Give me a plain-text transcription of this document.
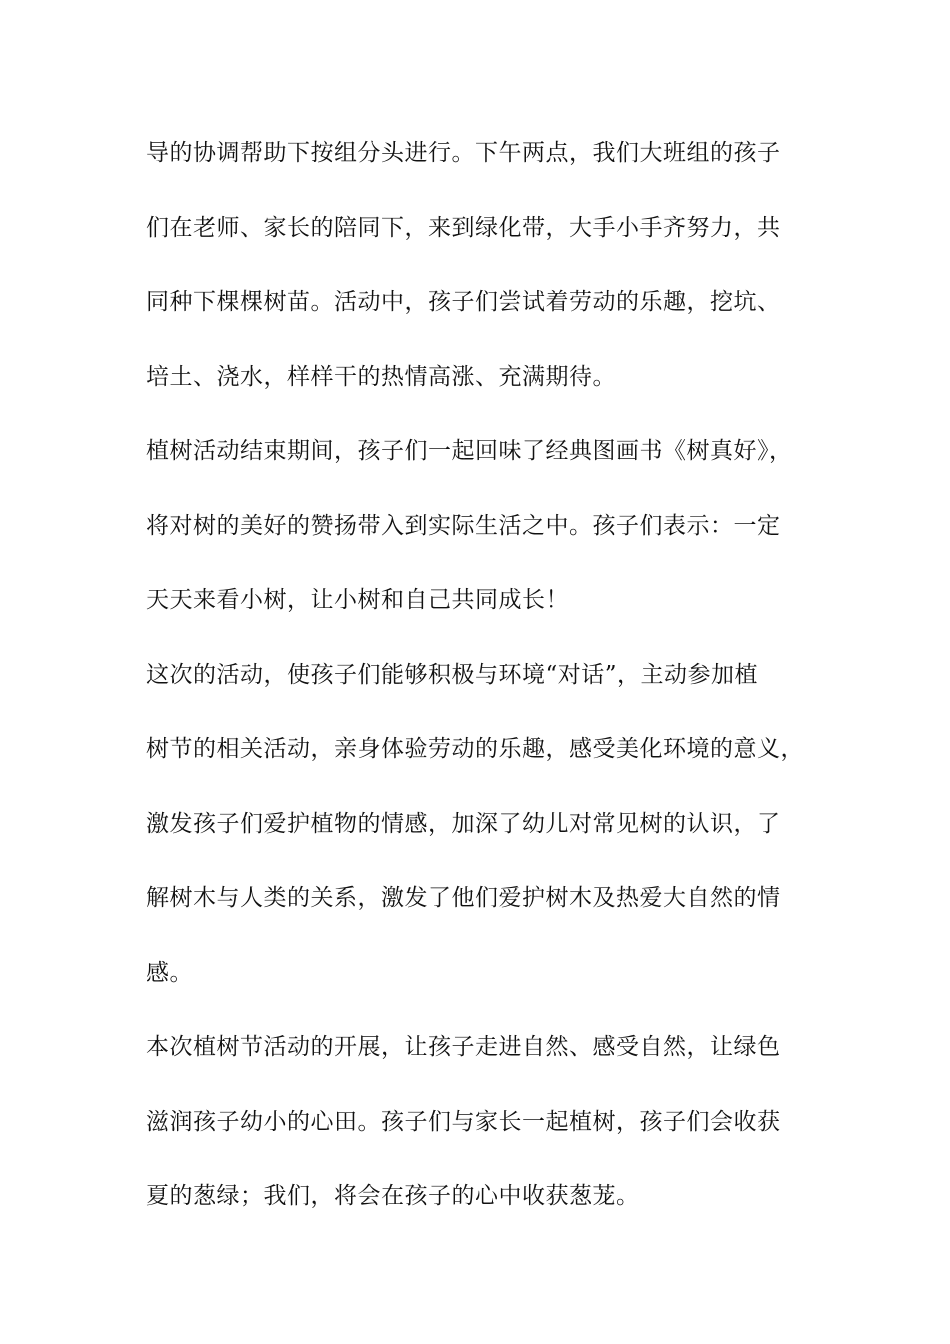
导的协调帮助下按组分头进行。下午两点，我们大班组的孩子
们在老师、家长的陪同下，来到绿化带，大手小手齐努力，共
同种下棵棵树苗。活动中，孩子们尝试着劳动的乐趣，挖坑、
培土、浇水，样样干的热情高涨、充满期待。
植树活动结束期间，孩子们一起回味了经典图画书《树真好》，
将对树的美好的赞扬带入到实际生活之中。孩子们表示：一定
天天来看小树，让小树和自己共同成长！
这次的活动，使孩子们能够积极与环境“对话”，主动参加植
树节的相关活动，亲身体验劳动的乐趣，感受美化环境的意义，
激发孩子们爱护植物的情感，加深了幼儿对常见树的认识，了
解树木与人类的关系，激发了他们爱护树木及热爱大自然的情
感。
本次植树节活动的开展，让孩子走进自然、感受自然，让绿色
滋润孩子幼小的心田。孩子们与家长一起植树，孩子们会收获
夏的葱绿；我们，将会在孩子的心中收获葱茏。
